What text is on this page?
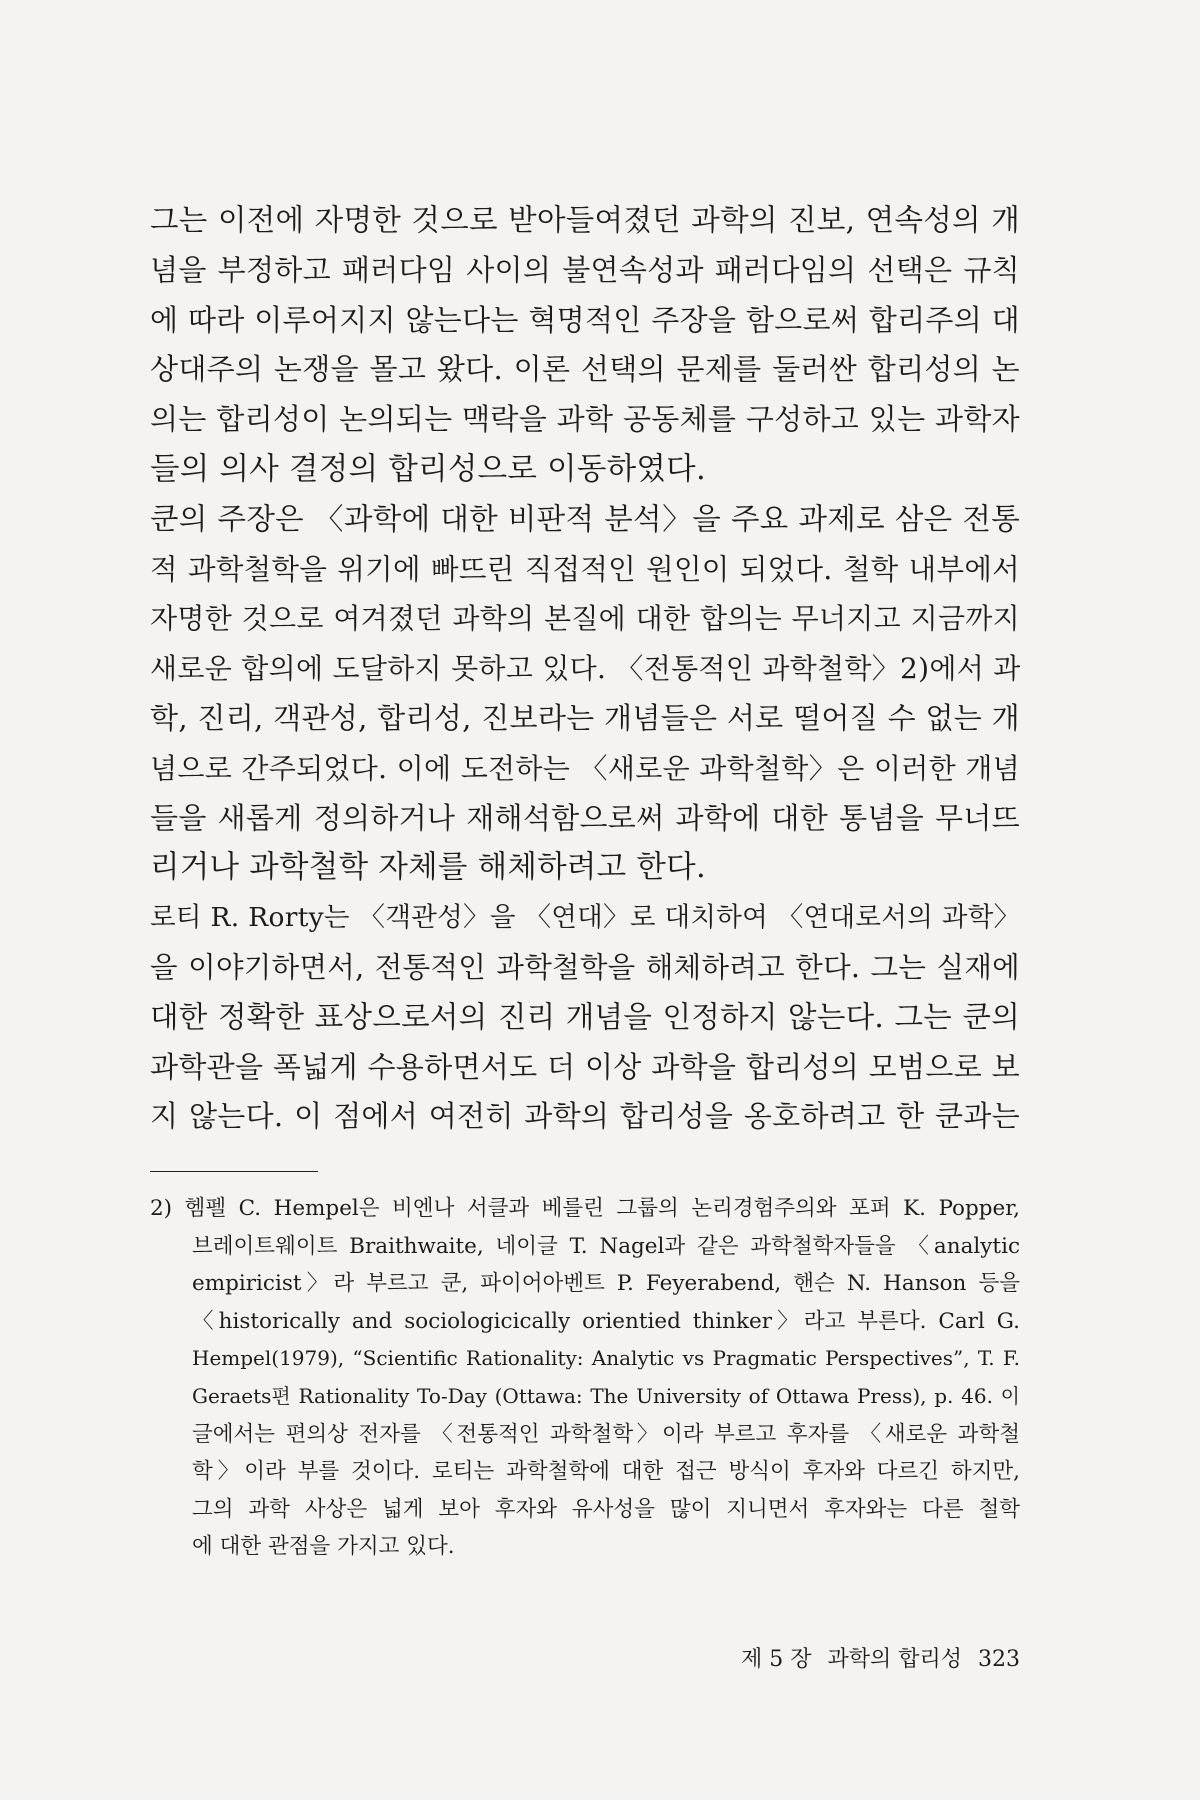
그는 이전에 자명한 것으로 받아들여졌던 과학의 진보, 연속성의 개
념을 부정하고 패러다임 사이의 불연속성과 패러다임의 선택은 규칙
에 따라 이루어지지 않는다는 혁명적인 주장을 함으로써 합리주의 대
상대주의 논쟁을 몰고 왔다. 이론 선택의 문제를 둘러싼 합리성의 논
의는 합리성이 논의되는 맥락을 과학 공동체를 구성하고 있는 과학자
들의 의사 결정의 합리성으로 이동하였다.
쿤의 주장은 〈과학에 대한 비판적 분석〉을 주요 과제로 삼은 전통
적 과학철학을 위기에 빠뜨린 직접적인 원인이 되었다. 철학 내부에서
자명한 것으로 여겨졌던 과학의 본질에 대한 합의는 무너지고 지금까지
새로운 합의에 도달하지 못하고 있다. 〈전통적인 과학철학〉2)에서 과
학, 진리, 객관성, 합리성, 진보라는 개념들은 서로 떨어질 수 없는 개
념으로 간주되었다. 이에 도전하는 〈새로운 과학철학〉은 이러한 개념
들을 새롭게 정의하거나 재해석함으로써 과학에 대한 통념을 무너뜨
리거나 과학철학 자체를 해체하려고 한다.
로티 R. Rorty는 〈객관성〉을 〈연대〉로 대치하여 〈연대로서의 과학〉
을 이야기하면서, 전통적인 과학철학을 해체하려고 한다. 그는 실재에
대한 정확한 표상으로서의 진리 개념을 인정하지 않는다. 그는 쿤의
과학관을 폭넓게 수용하면서도 더 이상 과학을 합리성의 모범으로 보
지 않는다. 이 점에서 여전히 과학의 합리성을 옹호하려고 한 쿤과는
2) 헴펠 C. Hempel은 비엔나 서클과 베를린 그룹의 논리경험주의와 포퍼 K. Popper,
브레이트웨이트 Braithwaite, 네이글 T. Nagel과 같은 과학철학자들을 〈analytic
empiricist〉라 부르고 쿤, 파이어아벤트 P. Feyerabend, 핸슨 N. Hanson 등을
〈historically and sociologicically orientied thinker〉라고 부른다. Carl G.
Hempel(1979), “Scientific Rationality: Analytic vs Pragmatic Perspectives”, T. F.
Geraets편 Rationality To-Day (Ottawa: The University of Ottawa Press), p. 46. 이
글에서는 편의상 전자를 〈전통적인 과학철학〉이라 부르고 후자를 〈새로운 과학철
학〉이라 부를 것이다. 로티는 과학철학에 대한 접근 방식이 후자와 다르긴 하지만,
그의 과학 사상은 넓게 보아 후자와 유사성을 많이 지니면서 후자와는 다른 철학
에 대한 관점을 가지고 있다.
제 5 장 과학의 합리성 323
